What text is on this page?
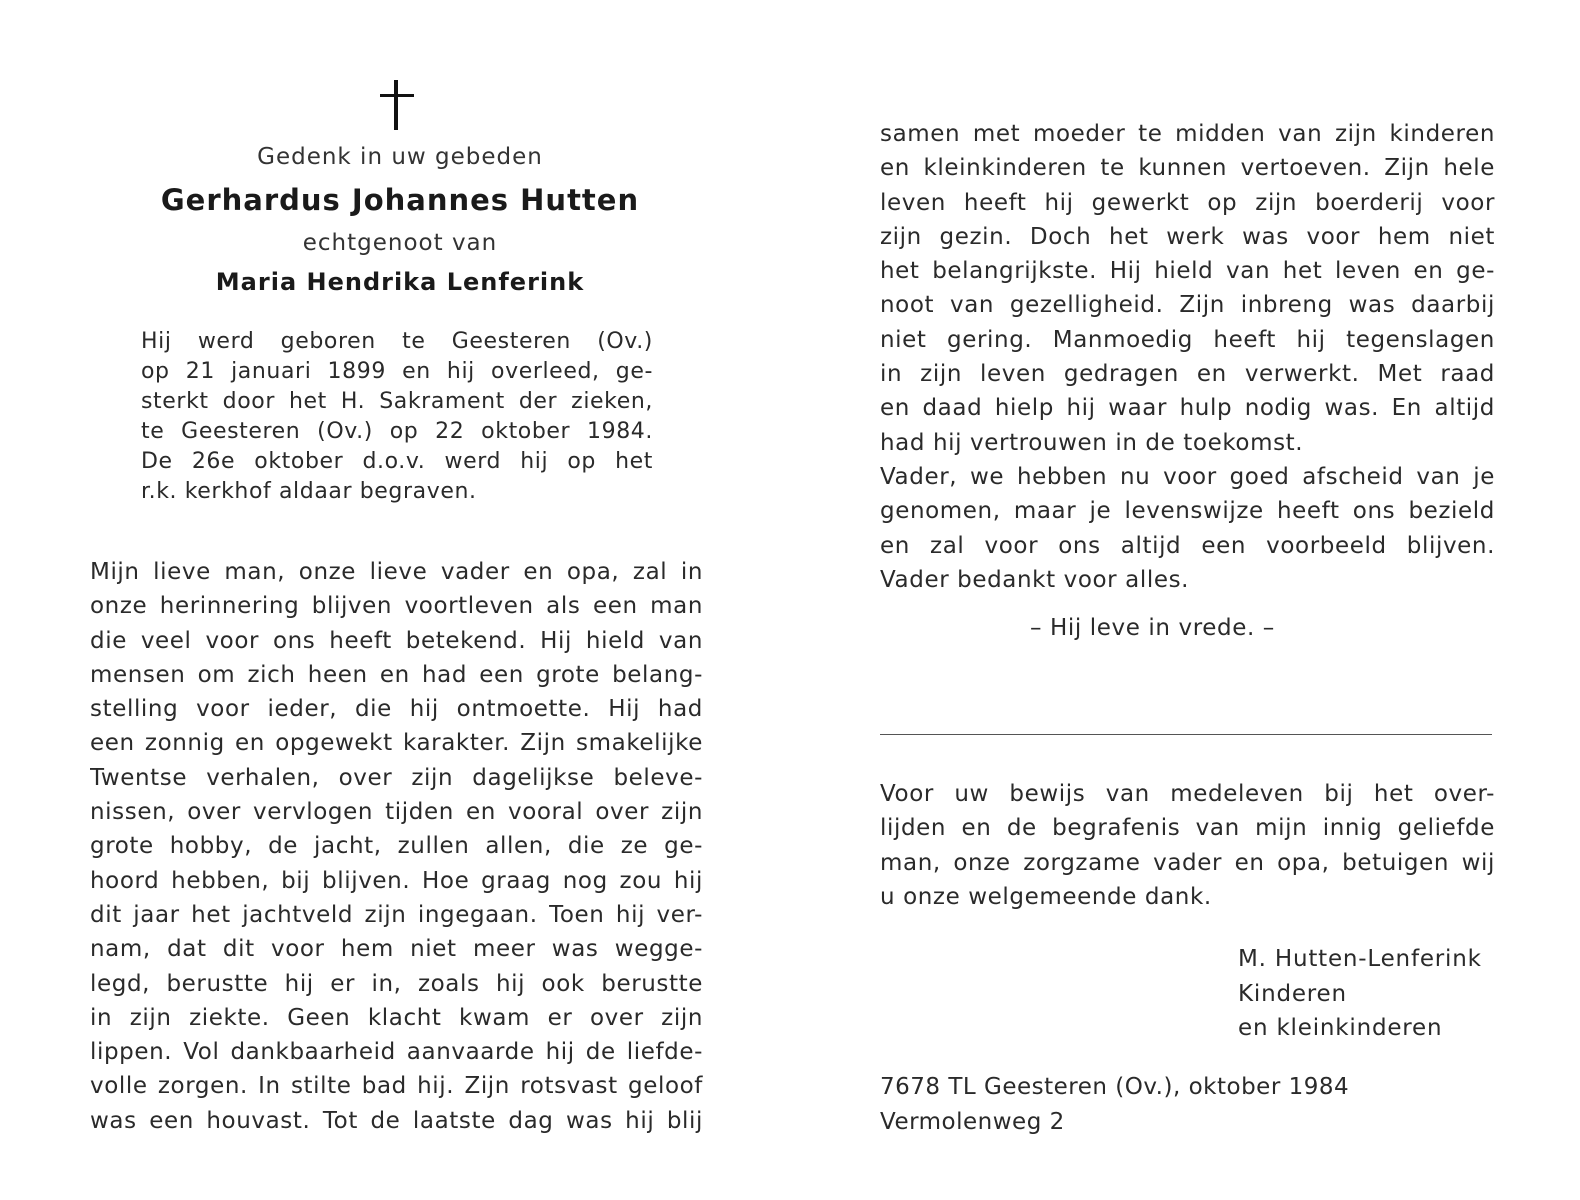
Gedenk in uw gebeden
Gerhardus Johannes Hutten
echtgenoot van
Maria Hendrika Lenferink
Hij werd geboren te Geesteren (Ov.)
op 21 januari 1899 en hij overleed, ge-
sterkt door het H. Sakrament der zieken,
te Geesteren (Ov.) op 22 oktober 1984.
De 26e oktober d.o.v. werd hij op het
r.k. kerkhof aldaar begraven.
Mijn lieve man, onze lieve vader en opa, zal in
onze herinnering blijven voortleven als een man
die veel voor ons heeft betekend. Hij hield van
mensen om zich heen en had een grote belang-
stelling voor ieder, die hij ontmoette. Hij had
een zonnig en opgewekt karakter. Zijn smakelijke
Twentse verhalen, over zijn dagelijkse beleve-
nissen, over vervlogen tijden en vooral over zijn
grote hobby, de jacht, zullen allen, die ze ge-
hoord hebben, bij blijven. Hoe graag nog zou hij
dit jaar het jachtveld zijn ingegaan. Toen hij ver-
nam, dat dit voor hem niet meer was wegge-
legd, berustte hij er in, zoals hij ook berustte
in zijn ziekte. Geen klacht kwam er over zijn
lippen. Vol dankbaarheid aanvaarde hij de liefde-
volle zorgen. In stilte bad hij. Zijn rotsvast geloof
was een houvast. Tot de laatste dag was hij blij
samen met moeder te midden van zijn kinderen
en kleinkinderen te kunnen vertoeven. Zijn hele
leven heeft hij gewerkt op zijn boerderij voor
zijn gezin. Doch het werk was voor hem niet
het belangrijkste. Hij hield van het leven en ge-
noot van gezelligheid. Zijn inbreng was daarbij
niet gering. Manmoedig heeft hij tegenslagen
in zijn leven gedragen en verwerkt. Met raad
en daad hielp hij waar hulp nodig was. En altijd
had hij vertrouwen in de toekomst.
Vader, we hebben nu voor goed afscheid van je
genomen, maar je levenswijze heeft ons bezield
en zal voor ons altijd een voorbeeld blijven.
Vader bedankt voor alles.
– Hij leve in vrede. –
Voor uw bewijs van medeleven bij het over-
lijden en de begrafenis van mijn innig geliefde
man, onze zorgzame vader en opa, betuigen wij
u onze welgemeende dank.
M. Hutten-Lenferink
Kinderen
en kleinkinderen
7678 TL Geesteren (Ov.), oktober 1984
Vermolenweg 2
